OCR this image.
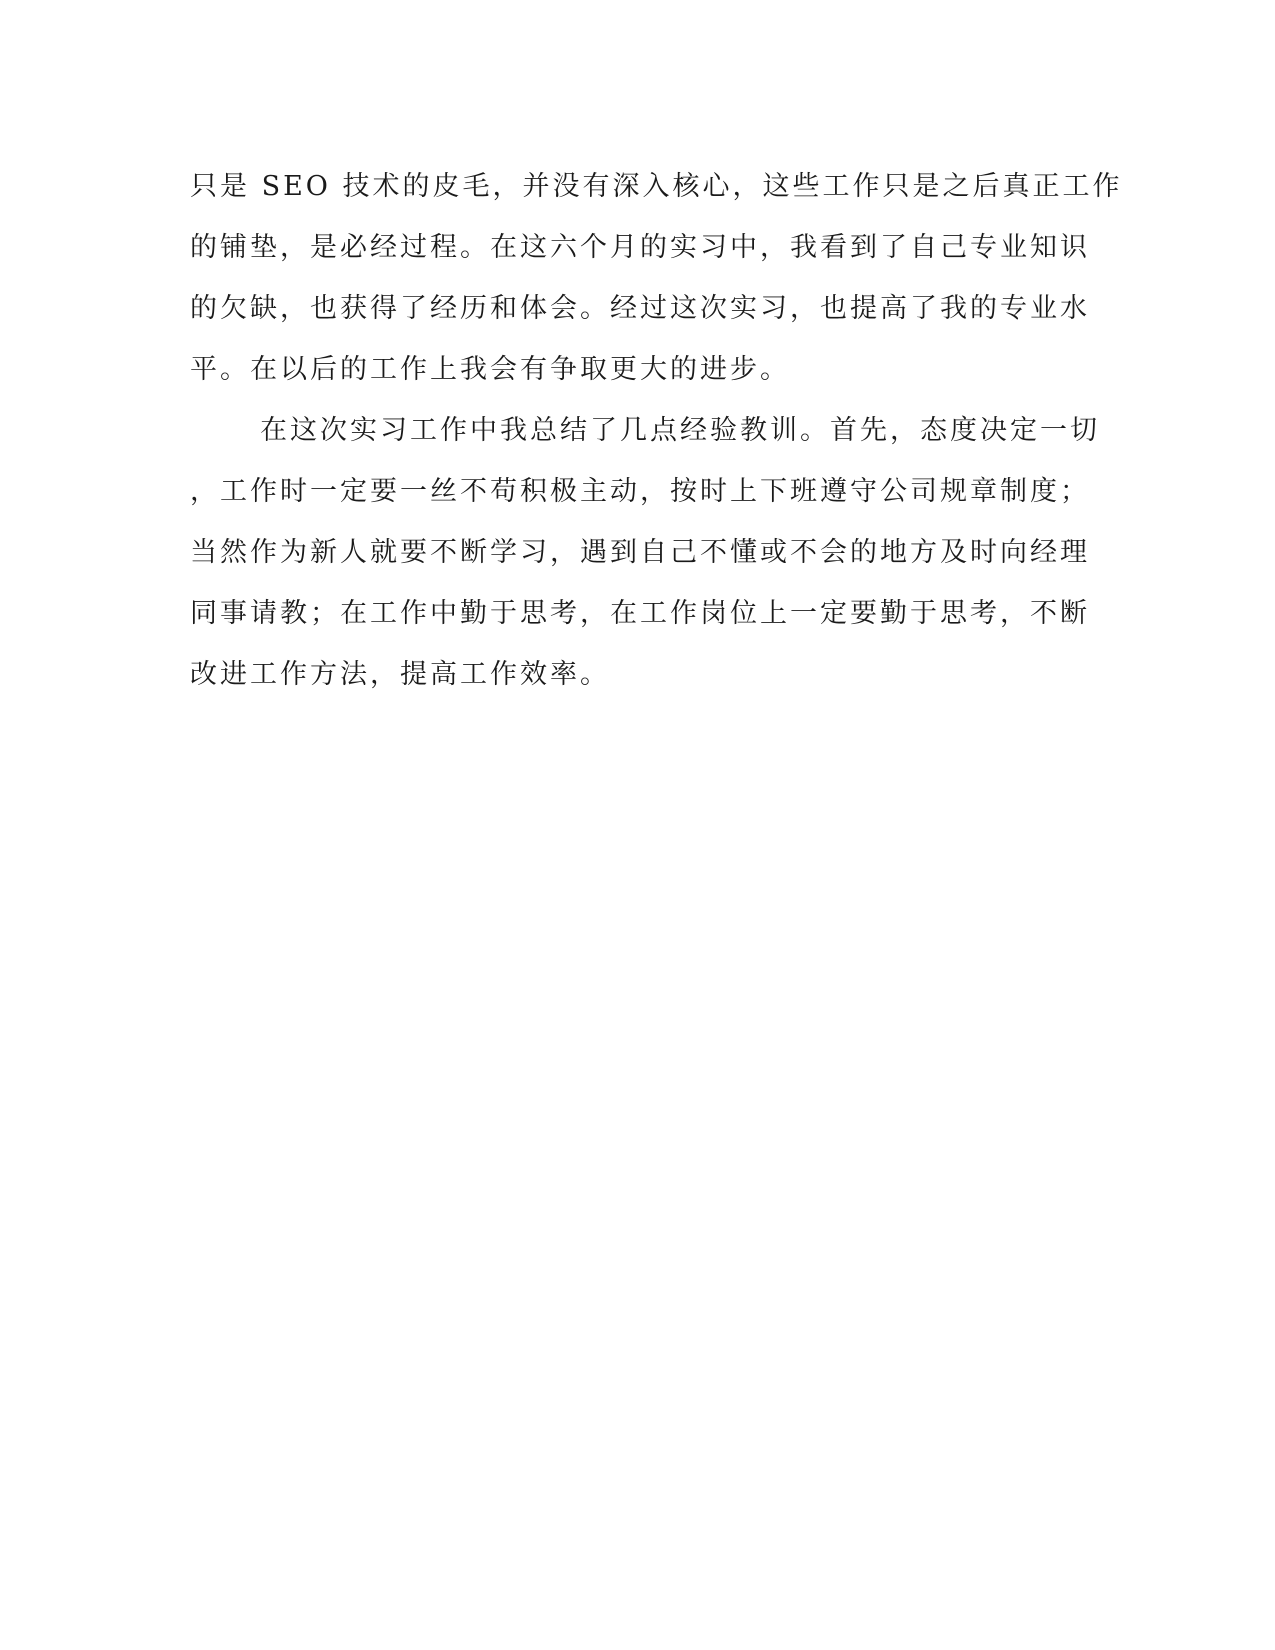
只是 SEO 技术的皮毛，并没有深入核心，这些工作只是之后真正工作
的铺垫，是必经过程。在这六个月的实习中，我看到了自己专业知识
的欠缺，也获得了经历和体会。经过这次实习，也提高了我的专业水
平。在以后的工作上我会有争取更大的进步。
在这次实习工作中我总结了几点经验教训。首先，态度决定一切
，工作时一定要一丝不苟积极主动，按时上下班遵守公司规章制度；
当然作为新人就要不断学习，遇到自己不懂或不会的地方及时向经理
同事请教；在工作中勤于思考，在工作岗位上一定要勤于思考，不断
改进工作方法，提高工作效率。
